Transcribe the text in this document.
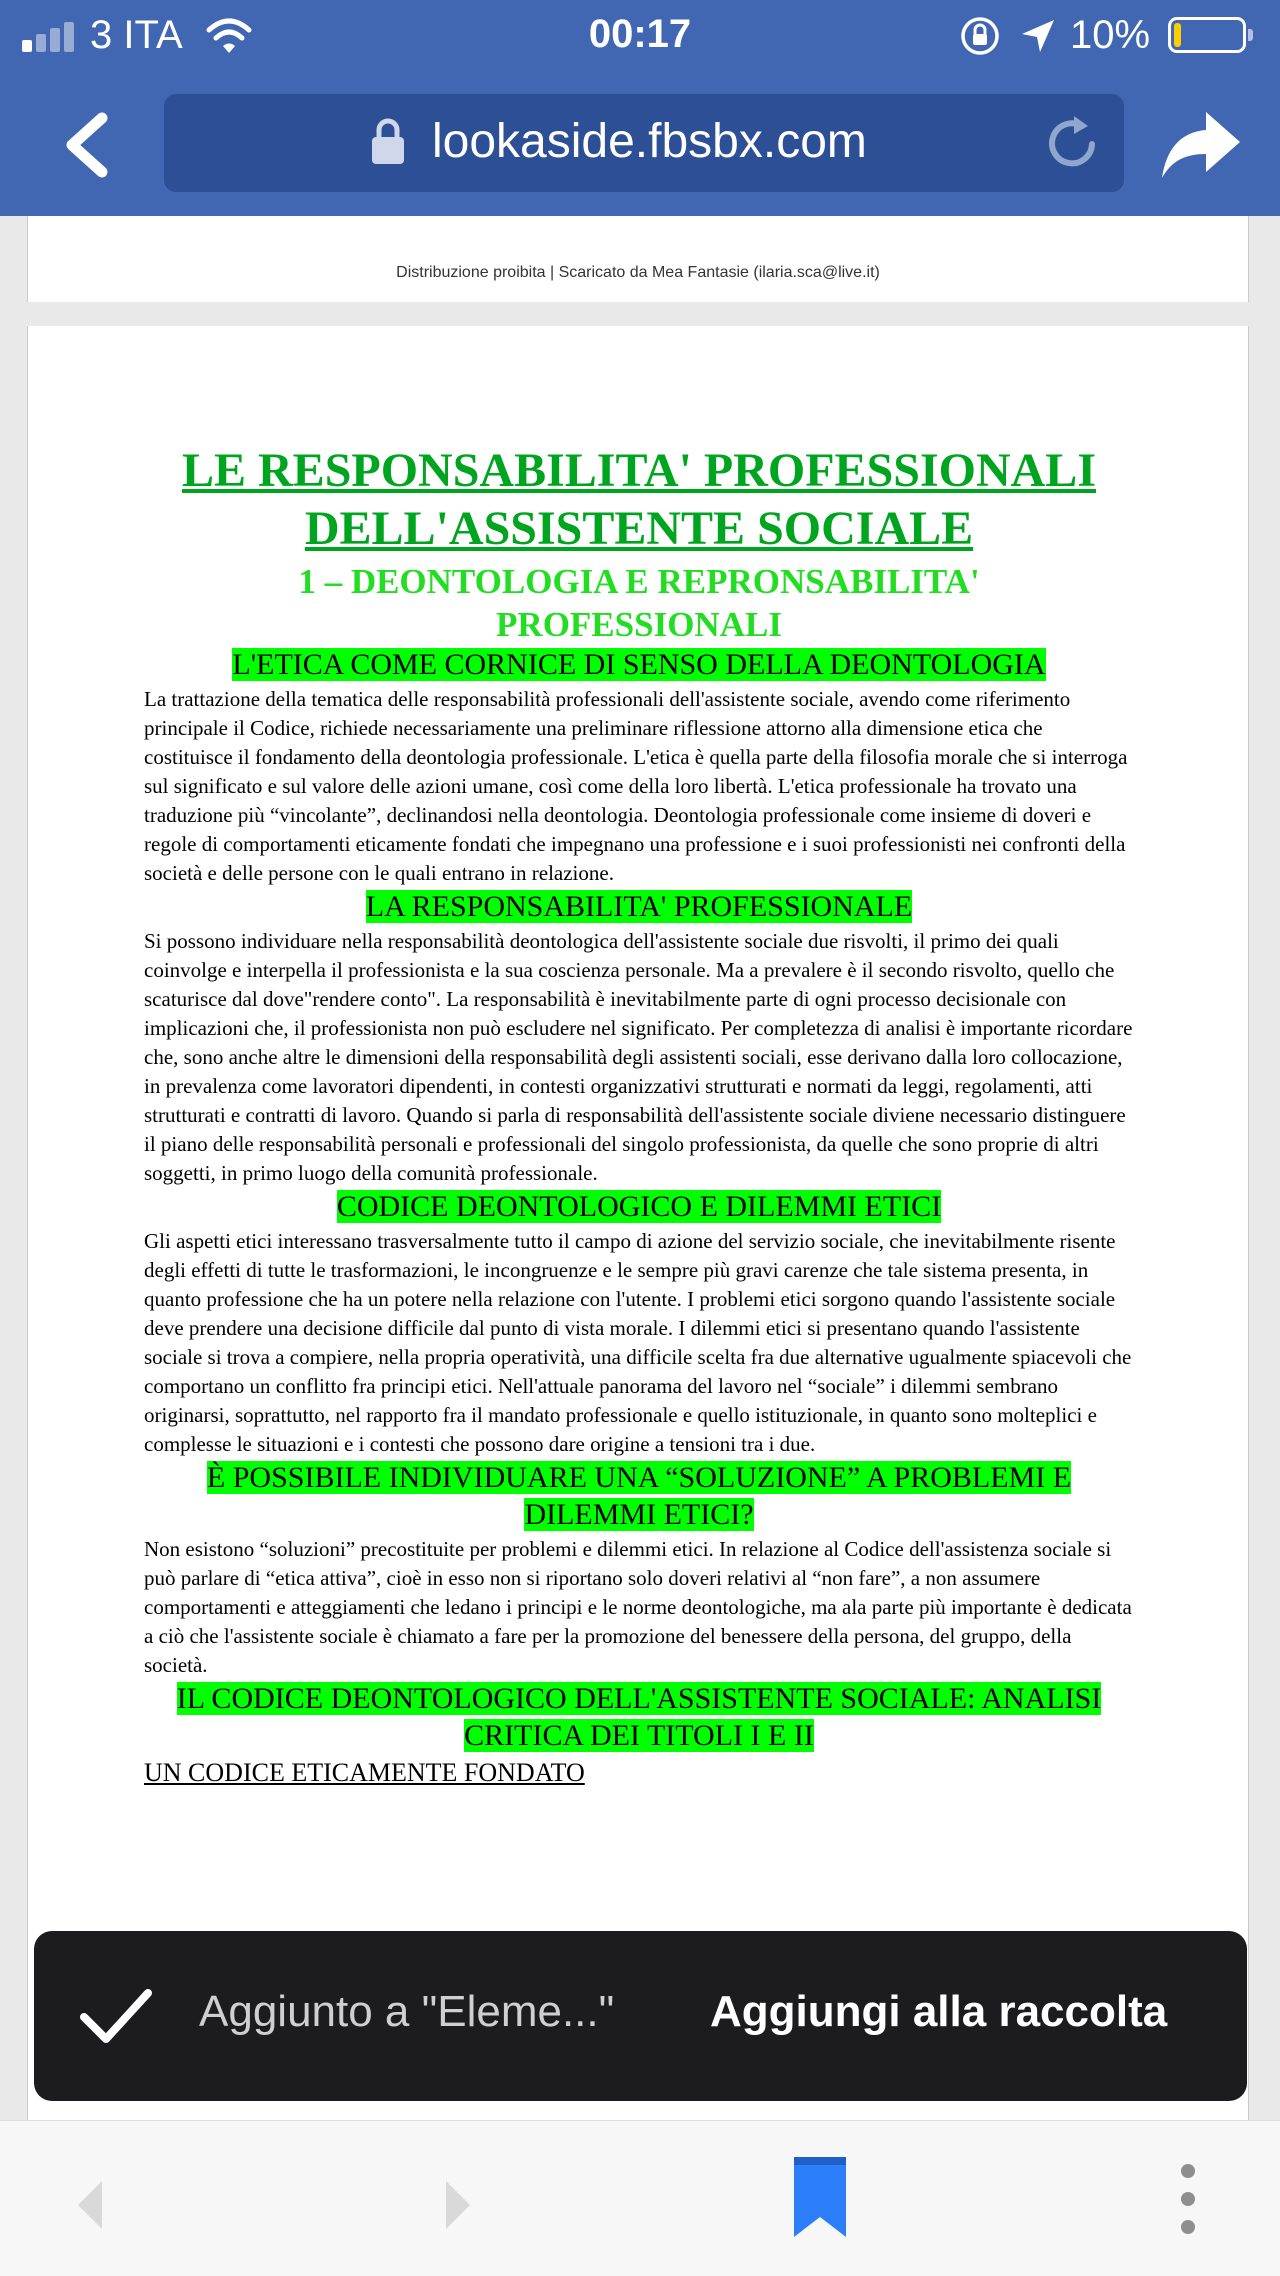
3 ITA	00:17	10%
lookaside.fbsbx.com
Distribuzione proibita | Scaricato da Mea Fantasie (ilaria.sca@live.it)
LE RESPONSABILITA' PROFESSIONALI
DELL'ASSISTENTE SOCIALE
1 – DEONTOLOGIA E REPRONSABILITA'
PROFESSIONALI
L'ETICA COME CORNICE DI SENSO DELLA DEONTOLOGIA

La trattazione della tematica delle responsabilità professionali dell'assistente sociale, avendo come riferimento principale il Codice, richiede necessariamente una preliminare riflessione attorno alla dimensione etica che costituisce il fondamento della deontologia professionale. L'etica è quella parte della filosofia morale che si interroga sul significato e sul valore delle azioni umane, così come della loro libertà. L'etica professionale ha trovato una traduzione più “vincolante”, declinandosi nella deontologia. Deontologia professionale come insieme di doveri e regole di comportamenti eticamente fondati che impegnano una professione e i suoi professionisti nei confronti della società e delle persone con le quali entrano in relazione.

LA RESPONSABILITA' PROFESSIONALE

Si possono individuare nella responsabilità deontologica dell'assistente sociale due risvolti, il primo dei quali coinvolge e interpella il professionista e la sua coscienza personale. Ma a prevalere è il secondo risvolto, quello che scaturisce dal dove"rendere conto". La responsabilità è inevitabilmente parte di ogni processo decisionale con implicazioni che, il professionista non può escludere nel significato. Per completezza di analisi è importante ricordare che, sono anche altre le dimensioni della responsabilità degli assistenti sociali, esse derivano dalla loro collocazione, in prevalenza come lavoratori dipendenti, in contesti organizzativi strutturati e normati da leggi, regolamenti, atti strutturati e contratti di lavoro. Quando si parla di responsabilità dell'assistente sociale diviene necessario distinguere il piano delle responsabilità personali e professionali del singolo professionista, da quelle che sono proprie di altri soggetti, in primo luogo della comunità professionale.

CODICE DEONTOLOGICO E DILEMMI ETICI

Gli aspetti etici interessano trasversalmente tutto il campo di azione del servizio sociale, che inevitabilmente risente degli effetti di tutte le trasformazioni, le incongruenze e le sempre più gravi carenze che tale sistema presenta, in quanto professione che ha un potere nella relazione con l'utente. I problemi etici sorgono quando l'assistente sociale deve prendere una decisione difficile dal punto di vista morale. I dilemmi etici si presentano quando l'assistente sociale si trova a compiere, nella propria operatività, una difficile scelta fra due alternative ugualmente spiacevoli che comportano un conflitto fra principi etici. Nell'attuale panorama del lavoro nel “sociale” i dilemmi sembrano originarsi, soprattutto, nel rapporto fra il mandato professionale e quello istituzionale, in quanto sono molteplici e complesse le situazioni e i contesti che possono dare origine a tensioni tra i due.

È POSSIBILE INDIVIDUARE UNA “SOLUZIONE” A PROBLEMI E DILEMMI ETICI?

Non esistono “soluzioni” precostituite per problemi e dilemmi etici. In relazione al Codice dell'assistenza sociale si può parlare di “etica attiva”, cioè in esso non si riportano solo doveri relativi al “non fare”, a non assumere comportamenti e atteggiamenti che ledano i principi e le norme deontologiche, ma ala parte più importante è dedicata a ciò che l'assistente sociale è chiamato a fare per la promozione del benessere della persona, del gruppo, della società.

IL CODICE DEONTOLOGICO DELL'ASSISTENTE SOCIALE: ANALISI CRITICA DEI TITOLI I E II
UN CODICE ETICAMENTE FONDATO
Aggiunto a "Eleme..." Aggiungi alla raccolta
